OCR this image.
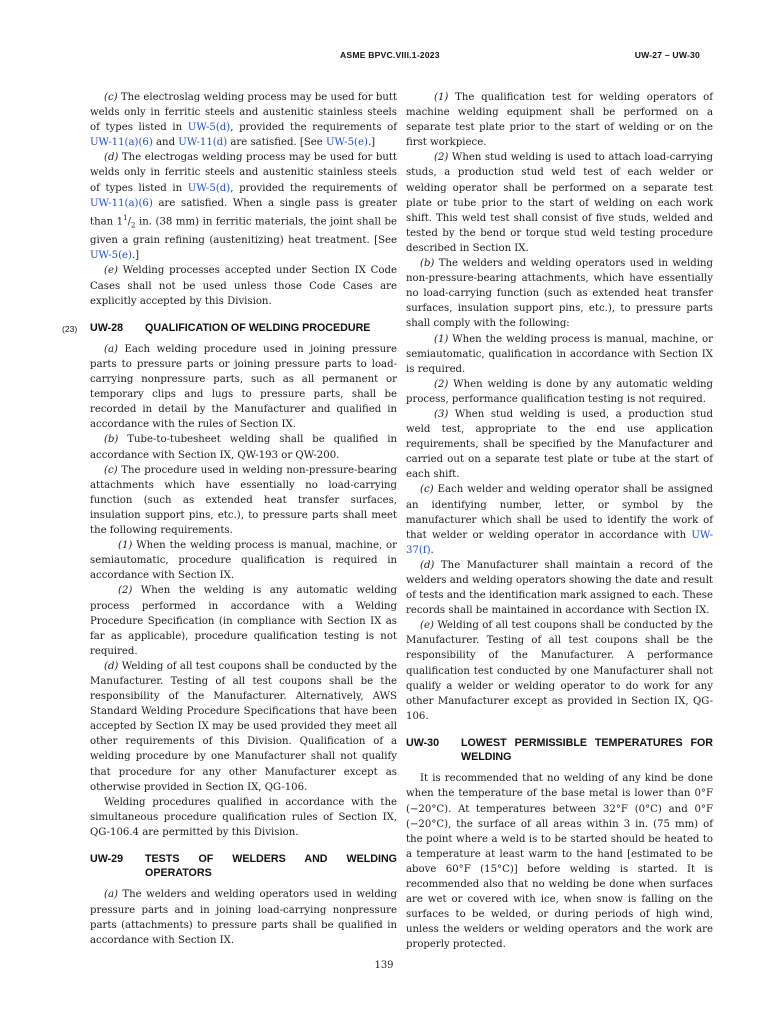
ASME BPVC.VIII.1-2023	UW-27 – UW-30

(c) The electroslag welding process may be used for butt welds only in ferritic steels and austenitic stainless steels of types listed in UW-5(d), provided the requirements of UW-11(a)(6) and UW-11(d) are satisfied. [See UW-5(e).]

(d) The electrogas welding process may be used for butt welds only in ferritic steels and austenitic stainless steels of types listed in UW-5(d), provided the requirements of UW-11(a)(6) are satisfied. When a single pass is greater than $1^1/_2$ in. (38 mm) in ferritic materials, the joint shall be given a grain refining (austenitizing) heat treatment. [See UW-5(e).]

(e) Welding processes accepted under Section IX Code Cases shall not be used unless those Code Cases are explicitly accepted by this Division.

(23) UW-28 QUALIFICATION OF WELDING PROCEDURE

(a) Each welding procedure used in joining pressure parts to pressure parts or joining pressure parts to load-carrying nonpressure parts, such as all permanent or temporary clips and lugs to pressure parts, shall be recorded in detail by the Manufacturer and qualified in accordance with the rules of Section IX.

(b) Tube-to-tubesheet welding shall be qualified in accordance with Section IX, QW-193 or QW-200.

(c) The procedure used in welding non-pressure-bearing attachments which have essentially no load-carrying function (such as extended heat transfer surfaces, insulation support pins, etc.), to pressure parts shall meet the following requirements.

(1) When the welding process is manual, machine, or semiautomatic, procedure qualification is required in accordance with Section IX.

(2) When the welding is any automatic welding process performed in accordance with a Welding Procedure Specification (in compliance with Section IX as far as applicable), procedure qualification testing is not required.

(d) Welding of all test coupons shall be conducted by the Manufacturer. Testing of all test coupons shall be the responsibility of the Manufacturer. Alternatively, AWS Standard Welding Procedure Specifications that have been accepted by Section IX may be used provided they meet all other requirements of this Division. Qualification of a welding procedure by one Manufacturer shall not qualify that procedure for any other Manufacturer except as otherwise provided in Section IX, QG-106.

Welding procedures qualified in accordance with the simultaneous procedure qualification rules of Section IX, QG-106.4 are permitted by this Division.

UW-29 TESTS OF WELDERS AND WELDING OPERATORS

(a) The welders and welding operators used in welding pressure parts and in joining load-carrying nonpressure parts (attachments) to pressure parts shall be qualified in accordance with Section IX.

(1) The qualification test for welding operators of machine welding equipment shall be performed on a separate test plate prior to the start of welding or on the first workpiece.

(2) When stud welding is used to attach load-carrying studs, a production stud weld test of each welder or welding operator shall be performed on a separate test plate or tube prior to the start of welding on each work shift. This weld test shall consist of five studs, welded and tested by the bend or torque stud weld testing procedure described in Section IX.

(b) The welders and welding operators used in welding non-pressure-bearing attachments, which have essentially no load-carrying function (such as extended heat transfer surfaces, insulation support pins, etc.), to pressure parts shall comply with the following:

(1) When the welding process is manual, machine, or semiautomatic, qualification in accordance with Section IX is required.

(2) When welding is done by any automatic welding process, performance qualification testing is not required.

(3) When stud welding is used, a production stud weld test, appropriate to the end use application requirements, shall be specified by the Manufacturer and carried out on a separate test plate or tube at the start of each shift.

(c) Each welder and welding operator shall be assigned an identifying number, letter, or symbol by the manufacturer which shall be used to identify the work of that welder or welding operator in accordance with UW-37(f).

(d) The Manufacturer shall maintain a record of the welders and welding operators showing the date and result of tests and the identification mark assigned to each. These records shall be maintained in accordance with Section IX.

(e) Welding of all test coupons shall be conducted by the Manufacturer. Testing of all test coupons shall be the responsibility of the Manufacturer. A performance qualification test conducted by one Manufacturer shall not qualify a welder or welding operator to do work for any other Manufacturer except as provided in Section IX, QG-106.

UW-30 LOWEST PERMISSIBLE TEMPERATURES FOR WELDING

It is recommended that no welding of any kind be done when the temperature of the base metal is lower than 0°F (−20°C). At temperatures between 32°F (0°C) and 0°F (−20°C), the surface of all areas within 3 in. (75 mm) of the point where a weld is to be started should be heated to a temperature at least warm to the hand [estimated to be above 60°F (15°C)] before welding is started. It is recommended also that no welding be done when surfaces are wet or covered with ice, when snow is falling on the surfaces to be welded, or during periods of high wind, unless the welders or welding operators and the work are properly protected.

139
